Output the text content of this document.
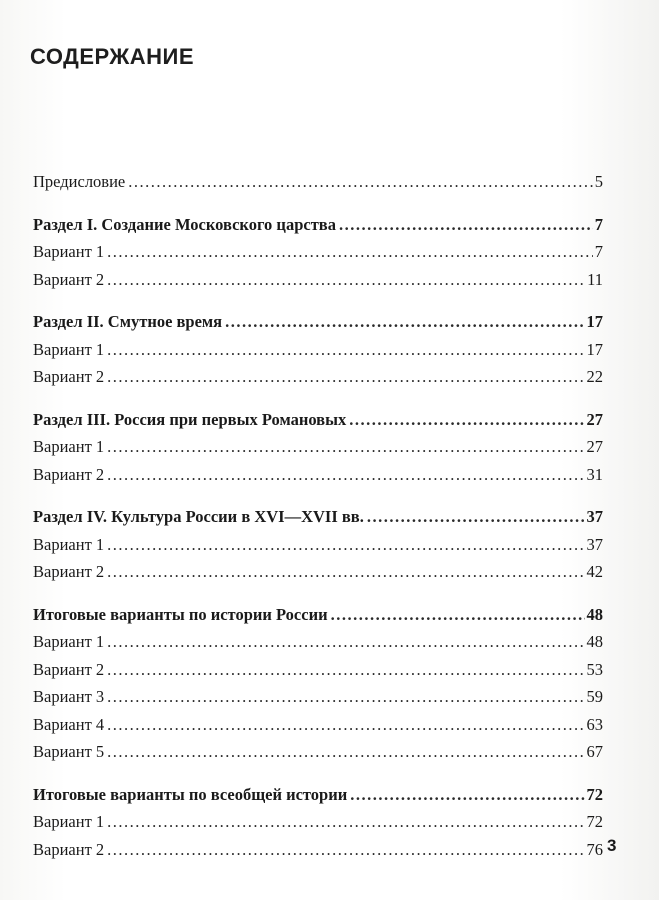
СОДЕРЖАНИЕ
Предисловие .....	5
Раздел I. Создание Московского царства .....	7
Вариант 1 .....	7
Вариант 2 .....	11
Раздел II. Смутное время .....	17
Вариант 1 .....	17
Вариант 2 .....	22
Раздел III. Россия при первых Романовых .....	27
Вариант 1 .....	27
Вариант 2 .....	31
Раздел IV. Культура России в XVI—XVII вв. .....	37
Вариант 1 .....	37
Вариант 2 .....	42
Итоговые варианты по истории России .....	48
Вариант 1 .....	48
Вариант 2 .....	53
Вариант 3 .....	59
Вариант 4 .....	63
Вариант 5 .....	67
Итоговые варианты по всеобщей истории .....	72
Вариант 1 .....	72
Вариант 2 .....	76 3
